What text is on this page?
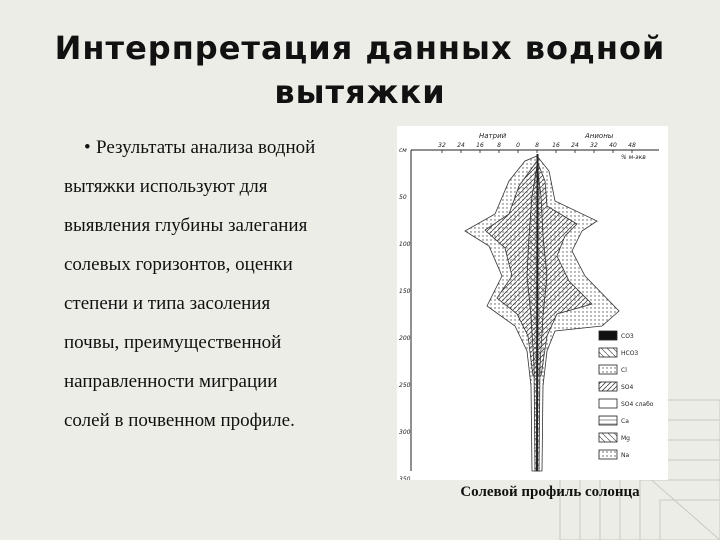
Интерпретация данных водной
вытяжки
• Результаты анализа водной
вытяжки используют для
выявления глубины залегания
солевых горизонтов, оценки
степени и типа засоления
почвы, преимущественной
направленности миграции
солей в почвенном профиле.
Натрий	Анионы
% м-экв
32 24 16 8	0	8 16 24 32 40 48
см
50
100
150
200
250
300
350
CO3
HCO3
Cl
SO4
SO4 слабо
Ca
Mg
Na
Солевой профиль солонца
